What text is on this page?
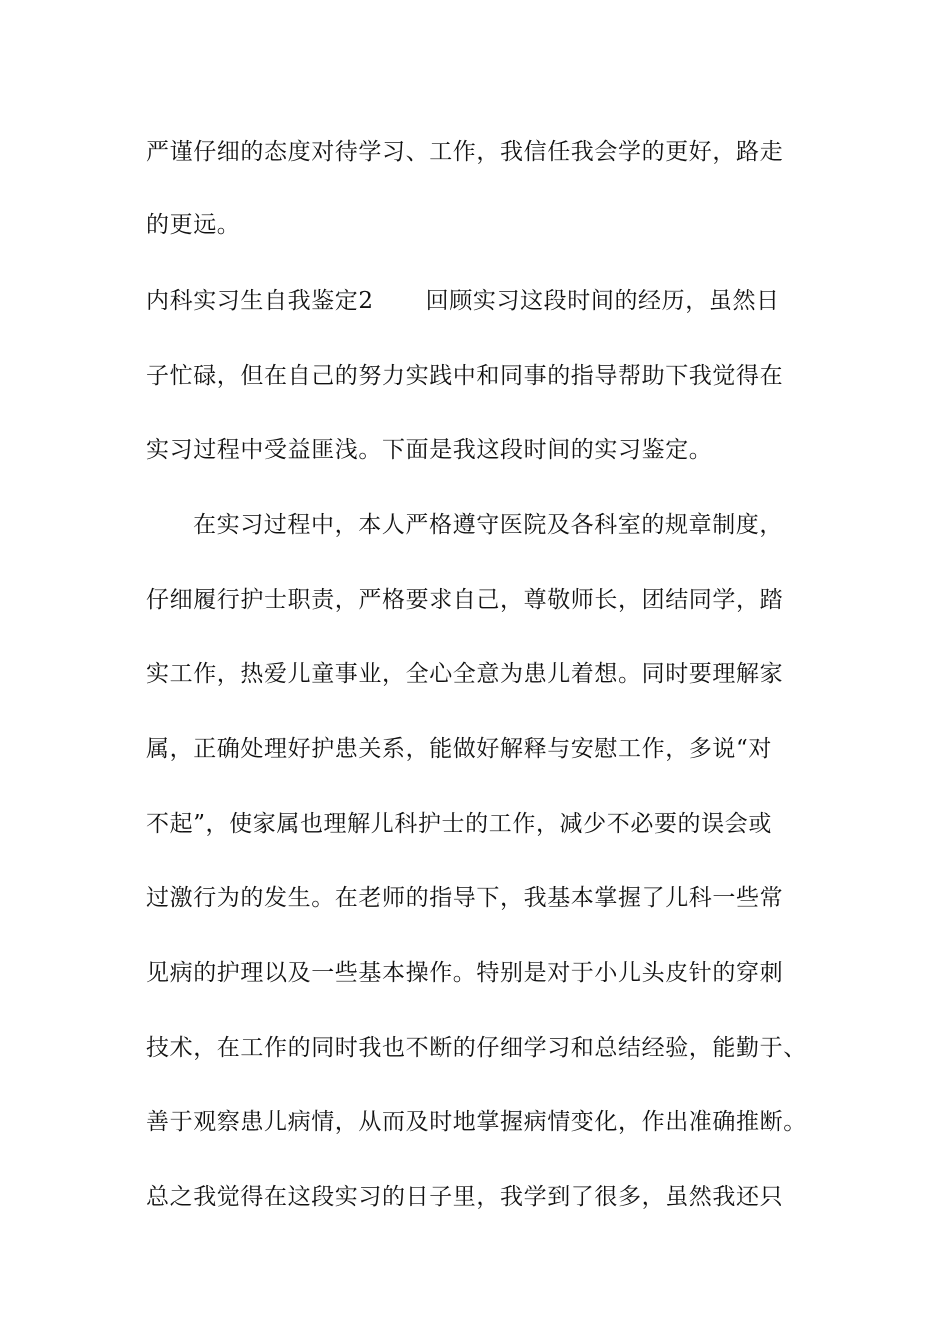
严谨仔细的态度对待学习、工作，我信任我会学的更好，路走
的更远。
内科实习生自我鉴定2 回顾实习这段时间的经历，虽然日
子忙碌，但在自己的努力实践中和同事的指导帮助下我觉得在
实习过程中受益匪浅。下面是我这段时间的实习鉴定。
在实习过程中，本人严格遵守医院及各科室的规章制度，
仔细履行护士职责，严格要求自己，尊敬师长，团结同学，踏
实工作，热爱儿童事业，全心全意为患儿着想。同时要理解家
属，正确处理好护患关系，能做好解释与安慰工作，多说“对
不起”，使家属也理解儿科护士的工作，减少不必要的误会或
过激行为的发生。在老师的指导下，我基本掌握了儿科一些常
见病的护理以及一些基本操作。特别是对于小儿头皮针的穿刺
技术，在工作的同时我也不断的仔细学习和总结经验，能勤于、
善于观察患儿病情，从而及时地掌握病情变化，作出准确推断。
总之我觉得在这段实习的日子里，我学到了很多，虽然我还只
